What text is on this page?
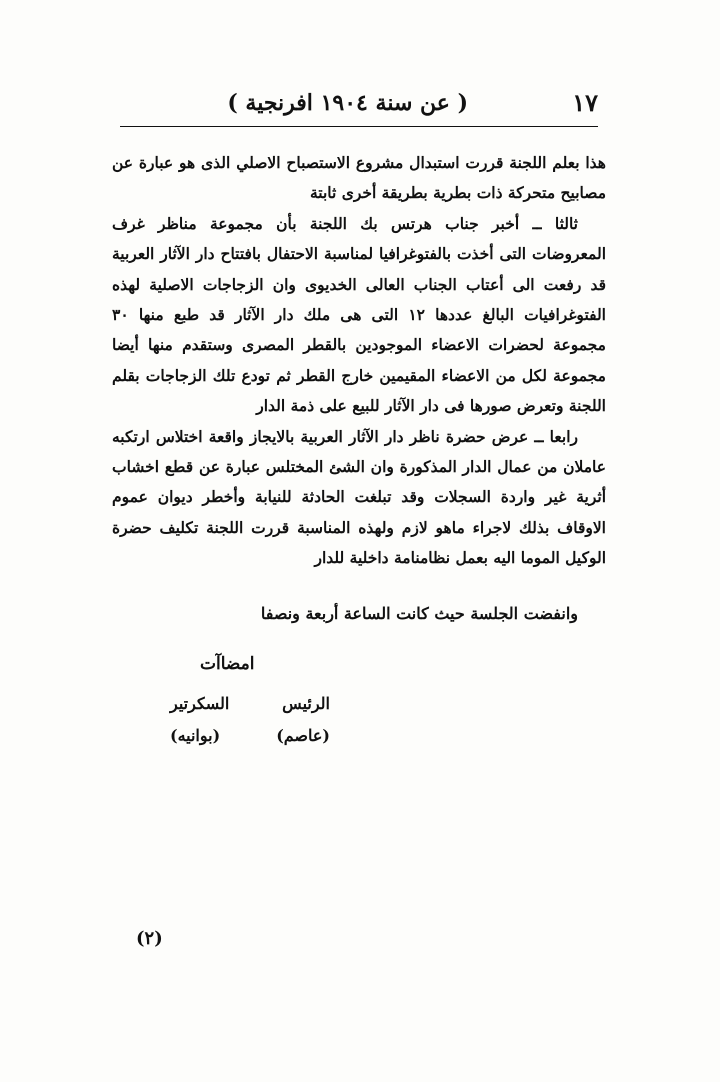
١٧
( عن سنة ١٩٠٤ افرنجية )

هذا بعلم اللجنة قررت استبدال مشروع الاستصباح الاصلي الذى هو عبارة عن مصابيح متحركة ذات بطرية بطريقة أخرى ثابتة

ثالثا ــ أخبر جناب هرتس بك اللجنة بأن مجموعة مناظر غرف المعروضات التى أخذت بالفتوغرافيا لمناسبة الاحتفال بافتتاح دار الآثار العربية قد رفعت الى أعتاب الجناب العالى الخديوى وان الزجاجات الاصلية لهذه الفتوغرافيات البالغ عددها ١٢ التى هى ملك دار الآثار قد طبع منها ٣٠ مجموعة لحضرات الاعضاء الموجودين بالقطر المصرى وستقدم منها أيضا مجموعة لكل من الاعضاء المقيمين خارج القطر ثم تودع تلك الزجاجات بقلم اللجنة وتعرض صورها فى دار الآثار للبيع على ذمة الدار

رابعا ــ عرض حضرة ناظر دار الآثار العربية بالايجاز واقعة اختلاس ارتكبه عاملان من عمال الدار المذكورة وان الشئ المختلس عبارة عن قطع اخشاب أثرية غير واردة السجلات وقد تبلغت الحادثة للنيابة وأخطر ديوان عموم الاوقاف بذلك لاجراء ماهو لازم ولهذه المناسبة قررت اللجنة تكليف حضرة الوكيل الموما اليه بعمل نظامنامة داخلية للدار

وانفضت الجلسة حيث كانت الساعة أربعة ونصفا
امضاآت
الرئيس
السكرتير
(عاصم)
(بوانيه)
(٢)
